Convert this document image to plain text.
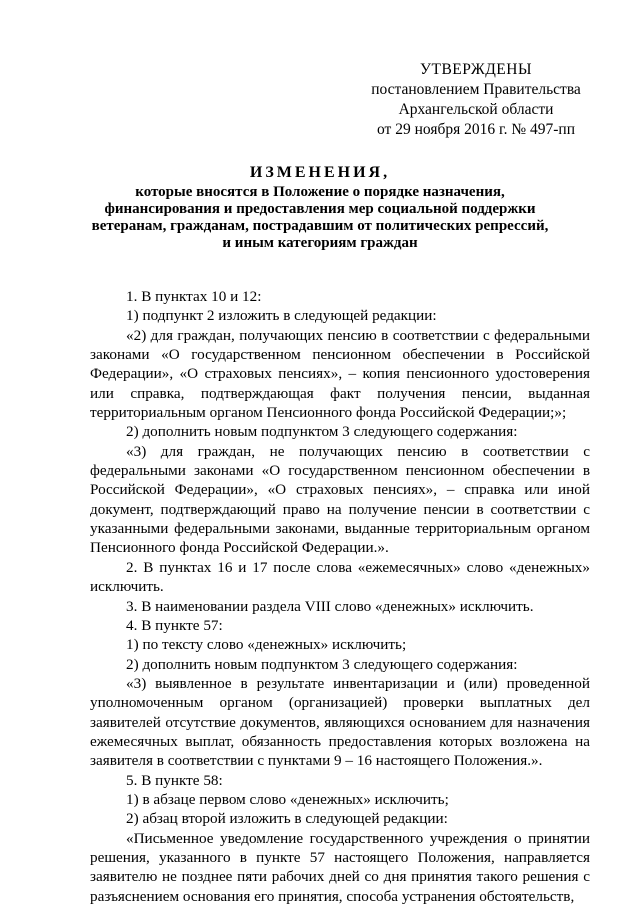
УТВЕРЖДЕНЫ
постановлением Правительства
Архангельской области
от 29 ноября 2016 г. № 497-пп
ИЗМЕНЕНИЯ,
которые вносятся в Положение о порядке назначения,
финансирования и предоставления мер социальной поддержки
ветеранам, гражданам, пострадавшим от политических репрессий,
и иным категориям граждан

1. В пунктах 10 и 12:

1) подпункт 2 изложить в следующей редакции:

«2) для граждан, получающих пенсию в соответствии с федеральными законами «О государственном пенсионном обеспечении в Российской Федерации», «О страховых пенсиях», – копия пенсионного удостоверения или справка, подтверждающая факт получения пенсии, выданная территориальным органом Пенсионного фонда Российской Федерации;»;

2) дополнить новым подпунктом 3 следующего содержания:

«3) для граждан, не получающих пенсию в соответствии с федеральными законами «О государственном пенсионном обеспечении в Российской Федерации», «О страховых пенсиях», – справка или иной документ, подтверждающий право на получение пенсии в соответствии с указанными федеральными законами, выданные территориальным органом Пенсионного фонда Российской Федерации.».

2. В пунктах 16 и 17 после слова «ежемесячных» слово «денежных» исключить.

3. В наименовании раздела VIII слово «денежных» исключить.

4. В пункте 57:

1) по тексту слово «денежных» исключить;

2) дополнить новым подпунктом 3 следующего содержания:

«3) выявленное в результате инвентаризации и (или) проведенной уполномоченным органом (организацией) проверки выплатных дел заявителей отсутствие документов, являющихся основанием для назначения ежемесячных выплат, обязанность предоставления которых возложена на заявителя в соответствии с пунктами 9 – 16 настоящего Положения.».

5. В пункте 58:

1) в абзаце первом слово «денежных» исключить;

2) абзац второй изложить в следующей редакции:

«Письменное уведомление государственного учреждения о принятии решения, указанного в пункте 57 настоящего Положения, направляется заявителю не позднее пяти рабочих дней со дня принятия такого решения с разъяснением основания его принятия, способа устранения обстоятельств,
